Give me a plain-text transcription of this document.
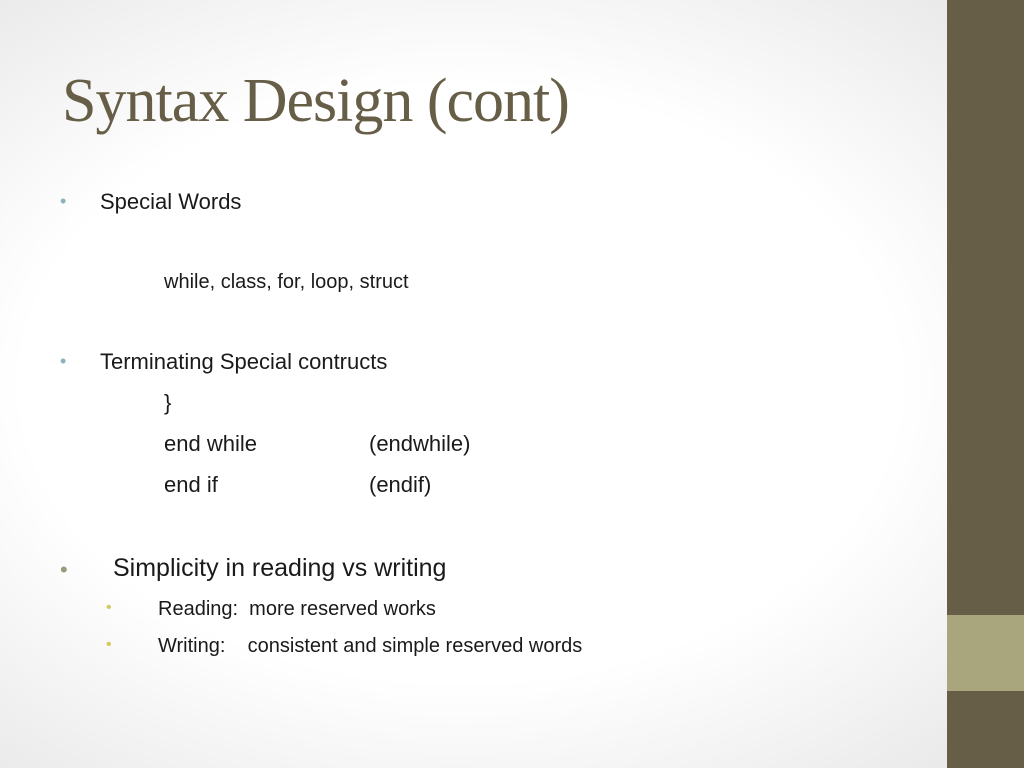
Syntax Design (cont)
• Special Words
while, class, for, loop, struct
• Terminating Special contructs
}
end while	(endwhile)
end if	(endif)
• Simplicity in reading vs writing
• Reading:  more reserved works
• Writing:    consistent and simple reserved words
